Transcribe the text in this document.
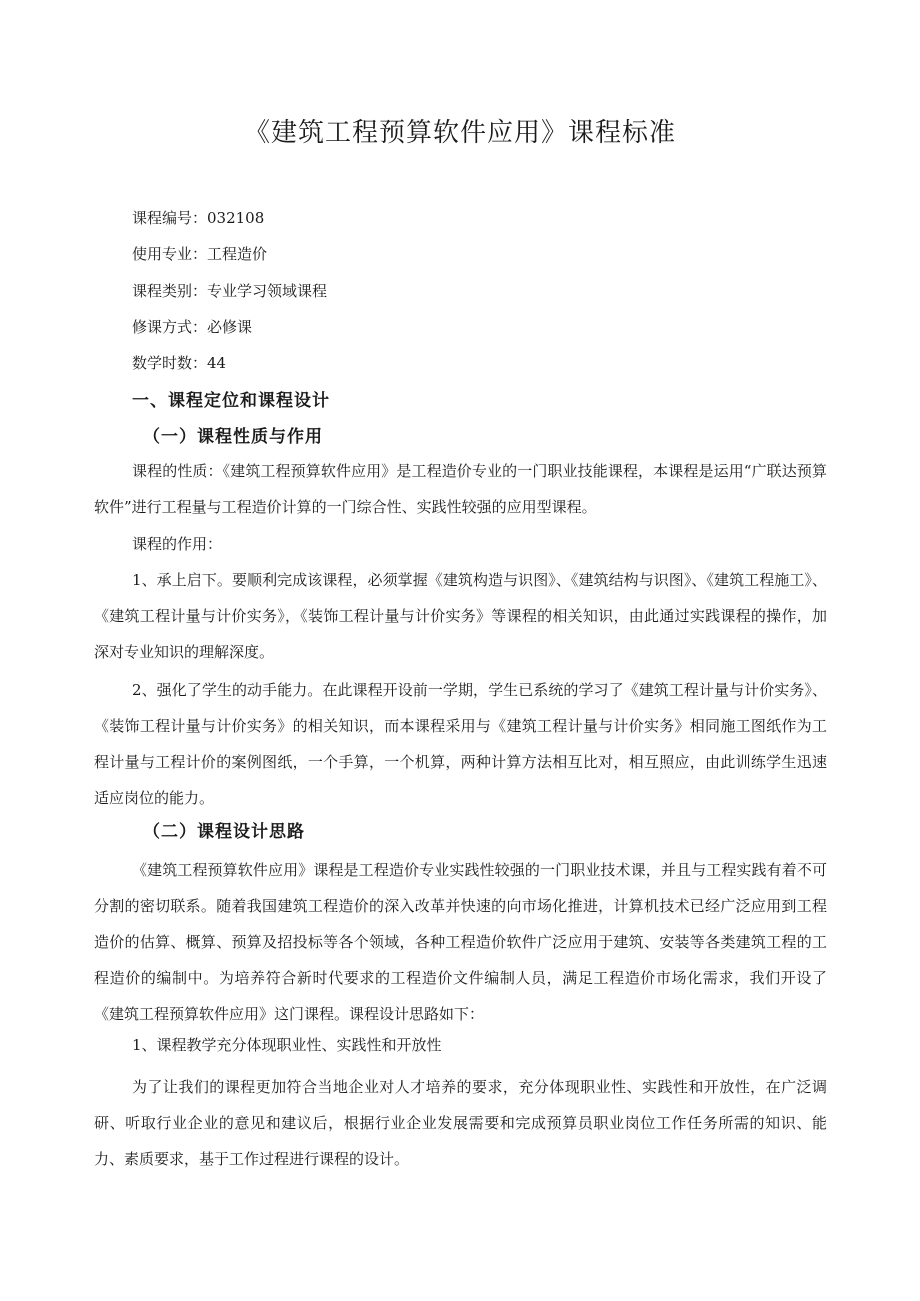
《建筑工程预算软件应用》课程标准

课程编号：032108

使用专业：工程造价

课程类别：专业学习领域课程

修课方式：必修课

数学时数：44

一、课程定位和课程设计
（一）课程性质与作用

课程的性质：《建筑工程预算软件应用》是工程造价专业的一门职业技能课程，本课程是运用“广联达预算软件”进行工程量与工程造价计算的一门综合性、实践性较强的应用型课程。

课程的作用：

1、承上启下。要顺利完成该课程，必须掌握《建筑构造与识图》、《建筑结构与识图》、《建筑工程施工》、《建筑工程计量与计价实务》，《装饰工程计量与计价实务》等课程的相关知识，由此通过实践课程的操作，加深对专业知识的理解深度。

2、强化了学生的动手能力。在此课程开设前一学期，学生已系统的学习了《建筑工程计量与计价实务》、《装饰工程计量与计价实务》的相关知识，而本课程采用与《建筑工程计量与计价实务》相同施工图纸作为工程计量与工程计价的案例图纸，一个手算，一个机算，两种计算方法相互比对，相互照应，由此训练学生迅速适应岗位的能力。

（二）课程设计思路

《建筑工程预算软件应用》课程是工程造价专业实践性较强的一门职业技术课，并且与工程实践有着不可分割的密切联系。随着我国建筑工程造价的深入改革并快速的向市场化推进，计算机技术已经广泛应用到工程造价的估算、概算、预算及招投标等各个领域，各种工程造价软件广泛应用于建筑、安装等各类建筑工程的工程造价的编制中。为培养符合新时代要求的工程造价文件编制人员，满足工程造价市场化需求，我们开设了《建筑工程预算软件应用》这门课程。课程设计思路如下：

1、课程教学充分体现职业性、实践性和开放性

为了让我们的课程更加符合当地企业对人才培养的要求，充分体现职业性、实践性和开放性，在广泛调研、听取行业企业的意见和建议后，根据行业企业发展需要和完成预算员职业岗位工作任务所需的知识、能力、素质要求，基于工作过程进行课程的设计。
